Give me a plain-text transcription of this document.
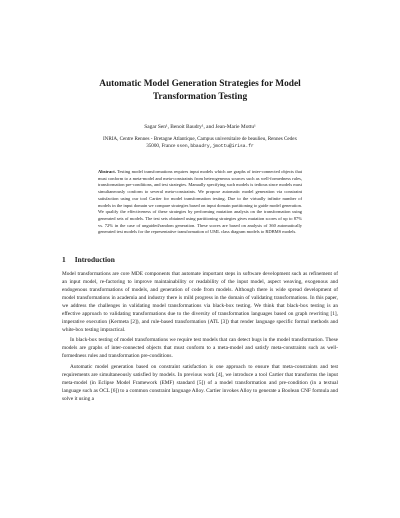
Automatic Model Generation Strategies for Model
Transformation Testing
Sagar Sen¹, Benoit Baudry¹, and Jean-Marie Mottu¹
INRIA, Centre Rennes - Bretagne Atlantique, Campus universitaire de beaulieu, Rennes Cedex
35000, France ssen,bbaudry,jmottu@irisa.fr
Abstract. Testing model transformations requires input models which are graphs of inter-connected objects that must conform to a meta-model and meta-constraints from heterogeneous sources such as well-formedness rules, transformation pre-conditions, and test strategies. Manually specifying such models is tedious since models must simultaneously conform to several meta-constraints. We propose automatic model generation via constraint satisfaction using our tool Cartier for model transformation testing. Due to the virtually infinite number of models in the input domain we compare strategies based on input domain partitioning to guide model generation. We qualify the effectiveness of these strategies by performing mutation analysis on the transformation using generated sets of models. The test sets obtained using partitioning strategies gives mutation scores of up to 87% vs. 72% in the case of unguided/random generation. These scores are based on analysis of 360 automatically generated test models for the representative transformation of UML class diagram models to RDBMS models.
1 Introduction

Model transformations are core MDE components that automate important steps in software development such as refinement of an input model, re-factoring to improve maintainability or readability of the input model, aspect weaving, exogenous and endogenous transformations of models, and generation of code from models. Although there is wide spread development of model transformations in academia and industry there is mild progress in the domain of validating transformations. In this paper, we address the challenges in validating model transformations via black-box testing. We think that black-box testing is an effective approach to validating transformations due to the diversity of transformation languages based on graph rewriting [1], imperative execution (Kermeta [2]), and rule-based transformation (ATL [3]) that render language specific formal methods and white-box testing impractical.

In black-box testing of model transformations we require test models that can detect bugs in the model transformation. These models are graphs of inter-connected objects that must conform to a meta-model and satisfy meta-constraints such as well-formedness rules and transformation pre-conditions.

Automatic model generation based on constraint satisfaction is one approach to ensure that meta-constraints and test requirements are simultaneously satisfied by models. In previous work [4], we introduce a tool Cartier that transforms the input meta-model (in Eclipse Model Framework (EMF) standard [5]) of a model transformation and pre-condition (in a textual language such as OCL [6]) to a common constraint language Alloy. Cartier invokes Alloy to generate a Boolean CNF formula and solve it using a
